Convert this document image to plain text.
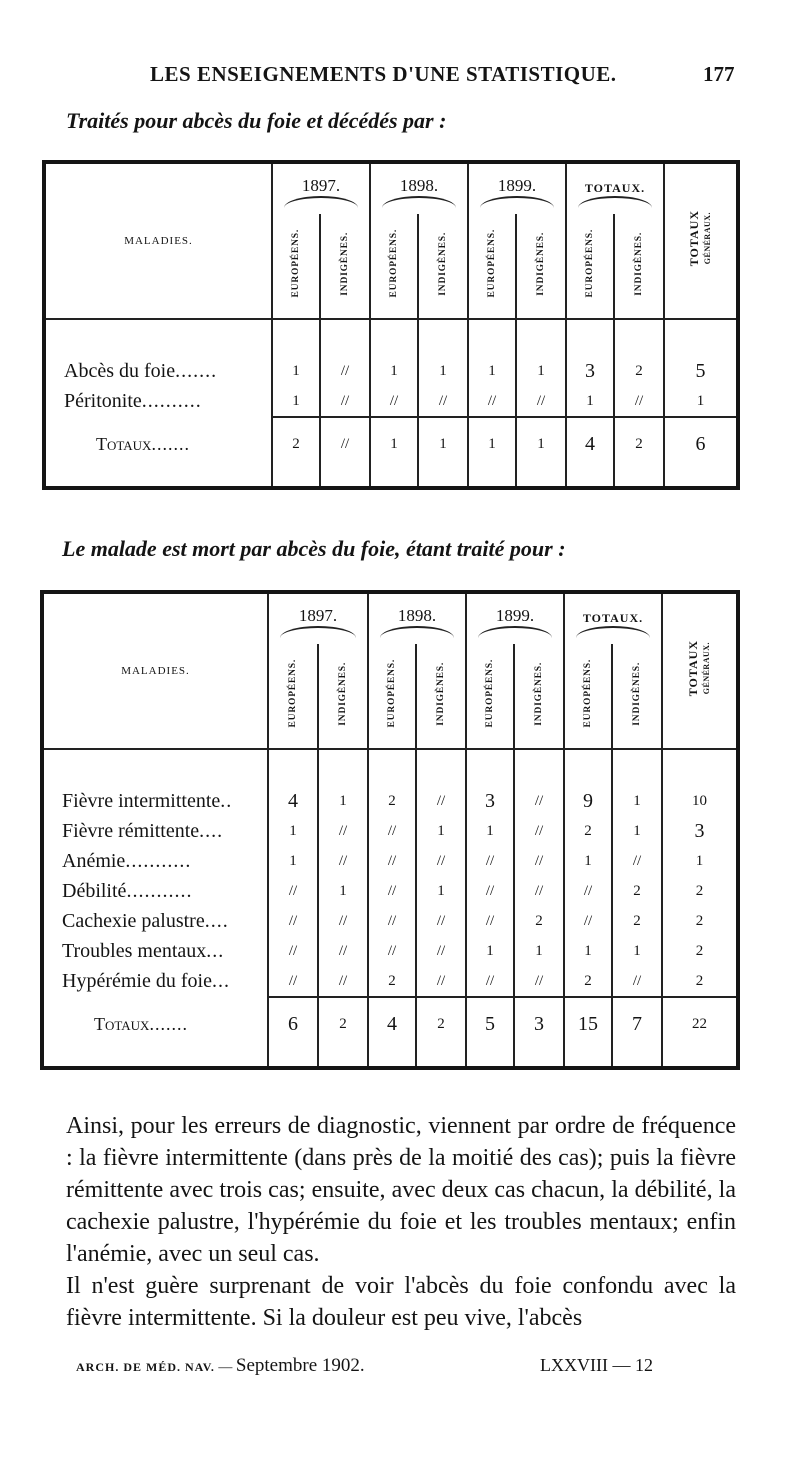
LES ENSEIGNEMENTS D'UNE STATISTIQUE.	177
Traités pour abcès du foie et décédés par :
MALADIES.	1897.		1898.		1899.		TOTAUX.		TOTAUX GÉNÉRAUX.

	EUROPÉENS.	INDIGÈNES.	EUROPÉENS.	INDIGÈNES.	EUROPÉENS.	INDIGÈNES.	EUROPÉENS.	INDIGÈNES.	

Abcès du foie.......	1	//	1	1	1	1	3	2	5
Péritonite..........	1	//	//	//	//	//	1	//	1

Totaux.......	2	//	1	1	1	1	4	2	6

Le malade est mort par abcès du foie, étant traité pour :
MALADIES.	1897.		1898.		1899.		TOTAUX.		TOTAUX GÉNÉRAUX.

	EUROPÉENS.	INDIGÈNES.	EUROPÉENS.	INDIGÈNES.	EUROPÉENS.	INDIGÈNES.	EUROPÉENS.	INDIGÈNES.	

Fièvre intermittente..	4	1	2	//	3	//	9	1	10
Fièvre rémittente....	1	//	//	1	1	//	2	1	3
Anémie...........	1	//	//	//	//	//	1	//	1
Débilité...........	//	1	//	1	//	//	//	2	2
Cachexie palustre....	//	//	//	//	//	2	//	2	2
Troubles mentaux...	//	//	//	//	1	1	1	1	2
Hypérémie du foie...	//	//	2	//	//	//	2	//	2

Totaux.......	6	2	4	2	5	3	15	7	22

Ainsi, pour les erreurs de diagnostic, viennent par ordre de fréquence : la fièvre intermittente (dans près de la moitié des cas); puis la fièvre rémittente avec trois cas; ensuite, avec deux cas chacun, la débilité, la cachexie palustre, l'hypérémie du foie et les troubles mentaux; enfin l'anémie, avec un seul cas.

Il n'est guère surprenant de voir l'abcès du foie confondu avec la fièvre intermittente. Si la douleur est peu vive, l'abcès

ARCH. DE MÉD. NAV. — Septembre 1902.	LXXVIII — 12
